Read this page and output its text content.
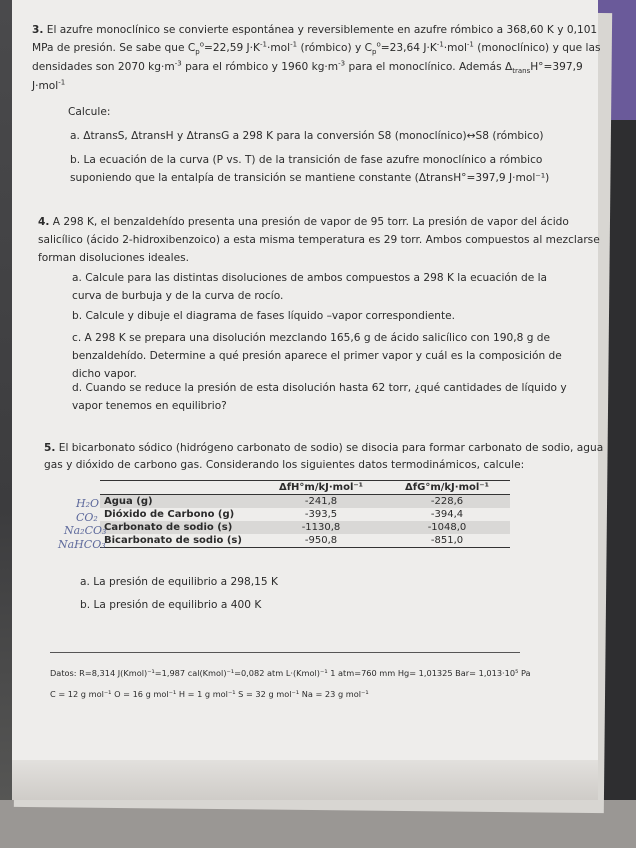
3. El azufre monoclínico se convierte espontánea y reversiblemente en azufre rómbico a 368,60 K y 0,101
MPa de presión. Se sabe que $C_p^o=22,59$ $J\cdot K^{-1}\cdot mol^{-1}$ (rómbico) y $C_p^o=23,64$ $J\cdot K^{-1}\cdot mol^{-1}$ (monoclínico) y que las
densidades son 2070 $kg\cdot m^{-3}$ para el rómbico y 1960 $kg\cdot m^{-3}$ para el monoclínico. Además $\Delta_{trans}H^\circ=397,9$
J·mol$^{-1}$
Calcule:
a. ΔtransS, ΔtransH y ΔtransG a 298 K para la conversión S8 (monoclínico)↔S8 (rómbico)
b. La ecuación de la curva (P vs. T) de la transición de fase azufre monoclínico a rómbico
suponiendo que la entalpía de transición se mantiene constante (ΔtransH°=397,9 J·mol⁻¹)
4. A 298 K, el benzaldehído presenta una presión de vapor de 95 torr. La presión de vapor del ácido
salicílico (ácido 2-hidroxibenzoico) a esta misma temperatura es 29 torr. Ambos compuestos al mezclarse
forman disoluciones ideales.
a. Calcule para las distintas disoluciones de ambos compuestos a 298 K la ecuación de la
curva de burbuja y de la curva de rocío.
b. Calcule y dibuje el diagrama de fases líquido –vapor correspondiente.
c. A 298 K se prepara una disolución mezclando 165,6 g de ácido salicílico con 190,8 g de
benzaldehído. Determine a qué presión aparece el primer vapor y cuál es la composición de
dicho vapor.
d. Cuando se reduce la presión de esta disolución hasta 62 torr, ¿qué cantidades de líquido y
vapor tenemos en equilibrio?
5. El bicarbonato sódico (hidrógeno carbonato de sodio) se disocia para formar carbonato de sodio, agua
gas y dióxido de carbono gas. Considerando los siguientes datos termodinámicos, calcule:
	ΔfH°m/kJ·mol⁻¹	ΔfG°m/kJ·mol⁻¹
Agua (g)	-241,8	-228,6
Dióxido de Carbono (g)	-393,5	-394,4
Carbonato de sodio (s)	-1130,8	-1048,0
Bicarbonato de sodio (s)	-950,8	-851,0
H₂O
CO₂
Na₂CO₃
NaHCO₃
a. La presión de equilibrio a 298,15 K
b. La presión de equilibrio a 400 K
Datos: R=8,314 J(Kmol)⁻¹=1,987 cal(Kmol)⁻¹=0,082 atm L·(Kmol)⁻¹ 1 atm=760 mm Hg= 1,01325 Bar= 1,013·10⁵ Pa
C = 12 g mol⁻¹ O = 16 g mol⁻¹ H = 1 g mol⁻¹ S = 32 g mol⁻¹ Na = 23 g mol⁻¹
